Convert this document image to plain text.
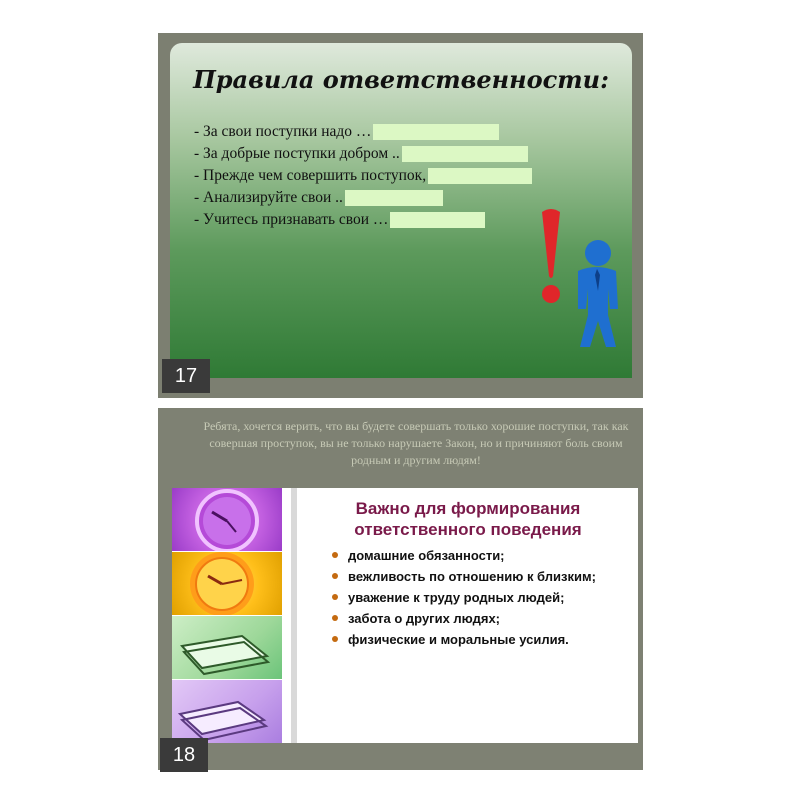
Правила ответственности:
- За свои поступки надо …
- За добрые поступки добром ..
- Прежде чем совершить поступок,
- Анализируйте свои ..
- Учитесь признавать свои …
17
Ребята, хочется верить, что вы будете совершать только хорошие поступки, так как совершая проступок, вы не только нарушаете Закон, но и причиняют боль своим родным и другим людям!
Важно для формирования ответственного поведения
домашние обязанности;
вежливость по отношению к близким;
уважение к труду родных людей;
забота о других людях;
физические и моральные усилия.
18
